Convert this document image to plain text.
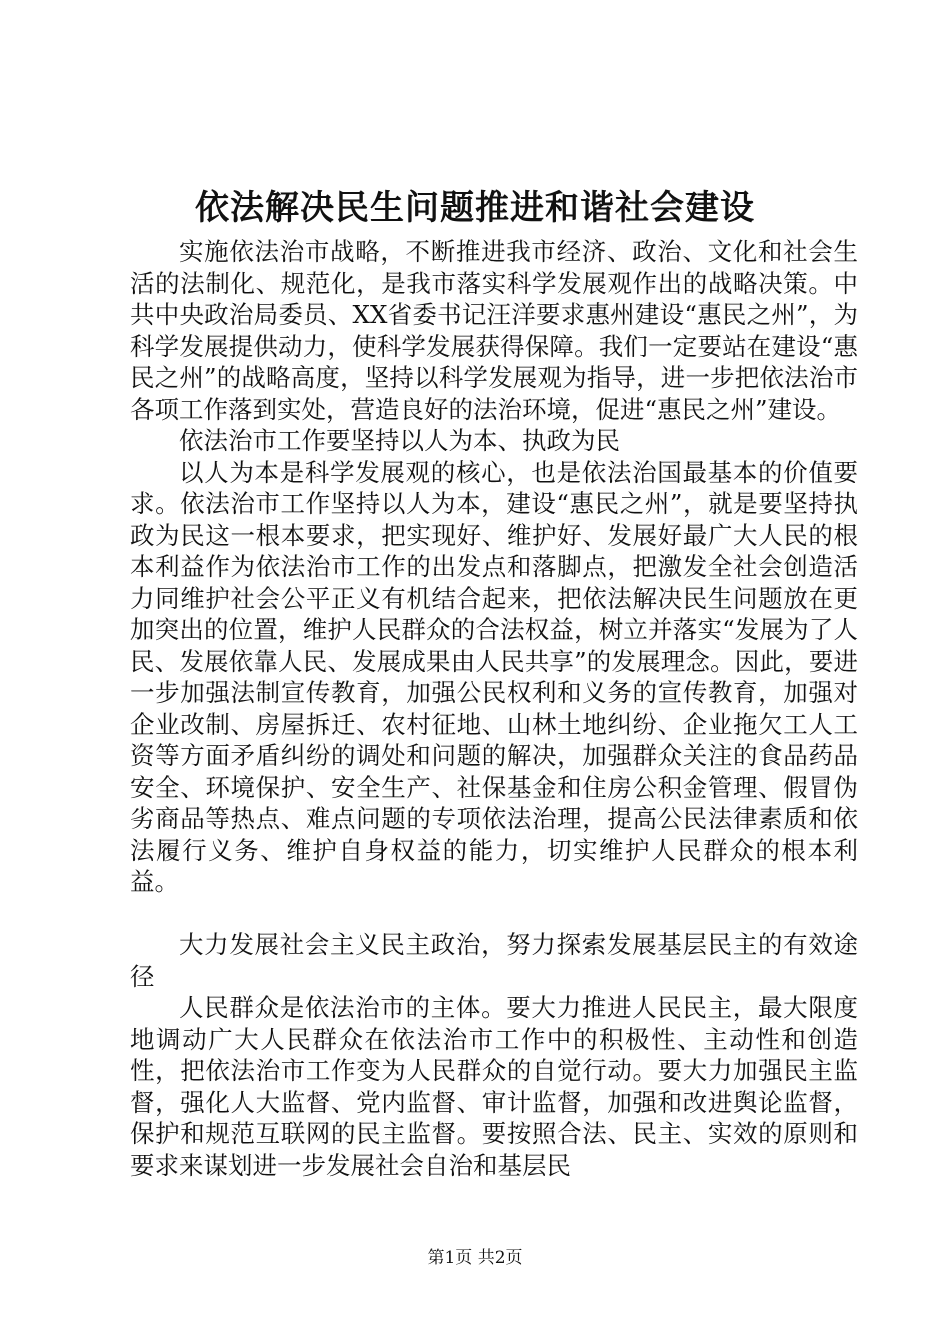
依法解决民生问题推进和谐社会建设

实施依法治市战略，不断推进我市经济、政治、文化和社会生活的法制化、规范化，是我市落实科学发展观作出的战略决策。中共中央政治局委员、XX省委书记汪洋要求惠州建设“惠民之州”，为科学发展提供动力，使科学发展获得保障。我们一定要站在建设“惠民之州”的战略高度，坚持以科学发展观为指导，进一步把依法治市各项工作落到实处，营造良好的法治环境，促进“惠民之州”建设。

依法治市工作要坚持以人为本、执政为民

以人为本是科学发展观的核心，也是依法治国最基本的价值要求。依法治市工作坚持以人为本，建设“惠民之州”，就是要坚持执政为民这一根本要求，把实现好、维护好、发展好最广大人民的根本利益作为依法治市工作的出发点和落脚点，把激发全社会创造活力同维护社会公平正义有机结合起来，把依法解决民生问题放在更加突出的位置，维护人民群众的合法权益，树立并落实“发展为了人民、发展依靠人民、发展成果由人民共享”的发展理念。因此，要进一步加强法制宣传教育，加强公民权利和义务的宣传教育，加强对企业改制、房屋拆迁、农村征地、山林土地纠纷、企业拖欠工人工资等方面矛盾纠纷的调处和问题的解决，加强群众关注的食品药品安全、环境保护、安全生产、社保基金和住房公积金管理、假冒伪劣商品等热点、难点问题的专项依法治理，提高公民法律素质和依法履行义务、维护自身权益的能力，切实维护人民群众的根本利益。

大力发展社会主义民主政治，努力探索发展基层民主的有效途径

人民群众是依法治市的主体。要大力推进人民民主，最大限度地调动广大人民群众在依法治市工作中的积极性、主动性和创造性，把依法治市工作变为人民群众的自觉行动。要大力加强民主监督，强化人大监督、党内监督、审计监督，加强和改进舆论监督，保护和规范互联网的民主监督。要按照合法、民主、实效的原则和要求来谋划进一步发展社会自治和基层民

第1页 共2页
